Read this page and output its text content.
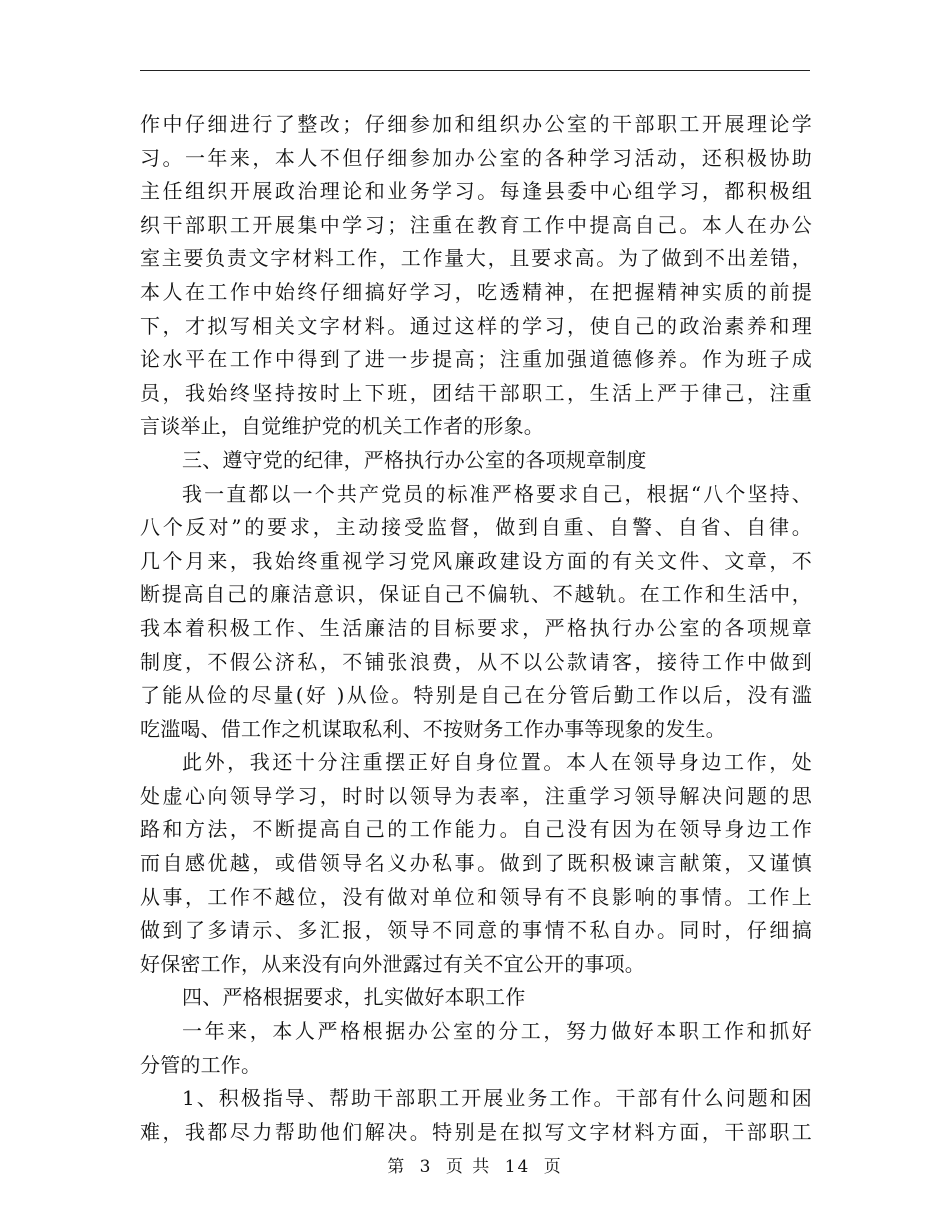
作中仔细进行了整改；仔细参加和组织办公室的干部职工开展理论学
习。一年来，本人不但仔细参加办公室的各种学习活动，还积极协助
主任组织开展政治理论和业务学习。每逢县委中心组学习，都积极组
织干部职工开展集中学习；注重在教育工作中提高自己。本人在办公
室主要负责文字材料工作，工作量大，且要求高。为了做到不出差错，
本人在工作中始终仔细搞好学习，吃透精神，在把握精神实质的前提
下，才拟写相关文字材料。通过这样的学习，使自己的政治素养和理
论水平在工作中得到了进一步提高；注重加强道德修养。作为班子成
员，我始终坚持按时上下班，团结干部职工，生活上严于律己，注重
言谈举止，自觉维护党的机关工作者的形象。
三、遵守党的纪律，严格执行办公室的各项规章制度
我一直都以一个共产党员的标准严格要求自己，根据“八个坚持、
八个反对”的要求，主动接受监督，做到自重、自警、自省、自律。
几个月来，我始终重视学习党风廉政建设方面的有关文件、文章，不
断提高自己的廉洁意识，保证自己不偏轨、不越轨。在工作和生活中，
我本着积极工作、生活廉洁的目标要求，严格执行办公室的各项规章
制度，不假公济私，不铺张浪费，从不以公款请客，接待工作中做到
了能从俭的尽量(好 )从俭。特别是自己在分管后勤工作以后，没有滥
吃滥喝、借工作之机谋取私利、不按财务工作办事等现象的发生。
此外，我还十分注重摆正好自身位置。本人在领导身边工作，处
处虚心向领导学习，时时以领导为表率，注重学习领导解决问题的思
路和方法，不断提高自己的工作能力。自己没有因为在领导身边工作
而自感优越，或借领导名义办私事。做到了既积极谏言献策，又谨慎
从事，工作不越位，没有做对单位和领导有不良影响的事情。工作上
做到了多请示、多汇报，领导不同意的事情不私自办。同时，仔细搞
好保密工作，从来没有向外泄露过有关不宜公开的事项。
四、严格根据要求，扎实做好本职工作
一年来，本人严格根据办公室的分工，努力做好本职工作和抓好
分管的工作。
1、积极指导、帮助干部职工开展业务工作。干部有什么问题和困
难，我都尽力帮助他们解决。特别是在拟写文字材料方面，干部职工
第 3 页 共 14 页
